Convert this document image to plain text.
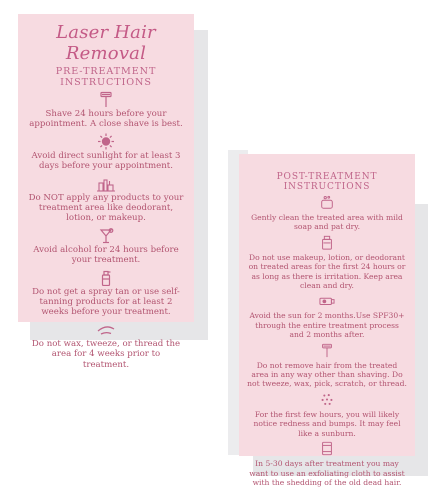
Laser Hair Removal
PRE-TREATMENT INSTRUCTIONS
Shave 24 hours before your appointment. A close shave is best.
Avoid direct sunlight for at least 3 days before your appointment.
Do NOT apply any products to your treatment area like deodorant, lotion, or makeup.
Avoid alcohol for 24 hours before your treatment.
Do not get a spray tan or use self-tanning products for at least 2 weeks before your treatment.
Do not wax, tweeze, or thread the area for 4 weeks prior to treatment.
POST-TREATMENT INSTRUCTIONS
Gently clean the treated area with mild soap and pat dry.
Do not use makeup, lotion, or deodorant on treated areas for the first 24 hours or as long as there is irritation. Keep area clean and dry.
Avoid the sun for 2 months.Use SPF30+ through the entire treatment process and 2 months after.
Do not remove hair from the treated area in any way other than shaving. Do not tweeze, wax, pick, scratch, or thread.
For the first few hours, you will likely notice redness and bumps. It may feel like a sunburn.
In 5-30 days after treatment you may want to use an exfoliating cloth to assist with the shedding of the old dead hair.
